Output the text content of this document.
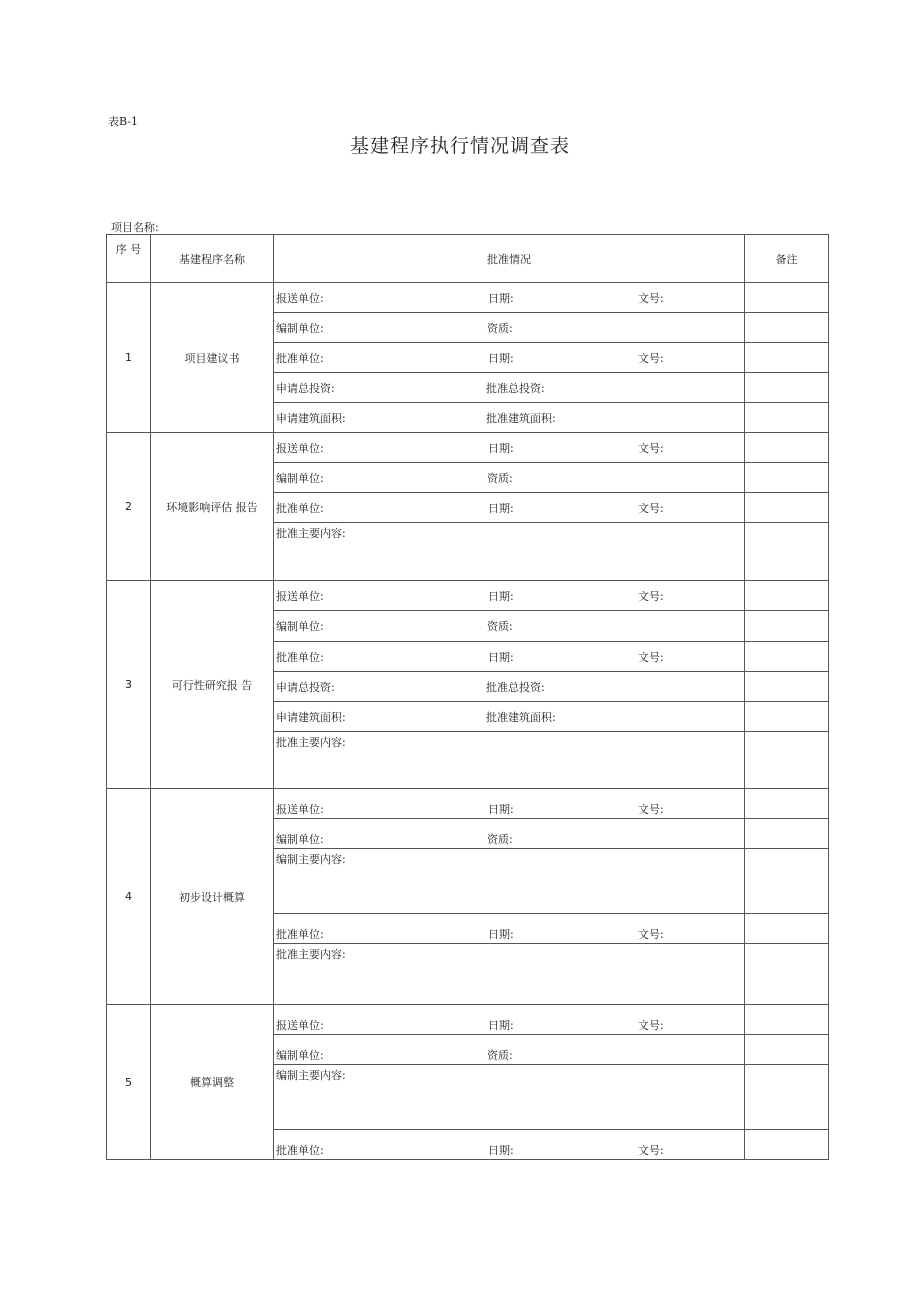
表B-1
基建程序执行情况调查表
项目名称:
序 号	基建程序名称	批准情况	备注
1	项目建议书	报送单位: 日期: 文号:	
		编制单位: 资质:	
		批准单位: 日期: 文号:	
		申请总投资: 批准总投资:	
		申请建筑面积: 批准建筑面积:	
2	环境影响评估 报告	报送单位: 日期: 文号:	
		编制单位: 资质:	
		批准单位: 日期: 文号:	
		批准主要内容:	
3	可行性研究报 告	报送单位: 日期: 文号:	
		编制单位: 资质:	
		批准单位: 日期: 文号:	
		申请总投资: 批准总投资:	
		申请建筑面积: 批准建筑面积:	
		批准主要内容:	
4	初步设计概算	报送单位: 日期: 文号:	
		编制单位: 资质:	
		编制主要内容:	
		批准单位: 日期: 文号:	
		批准主要内容:	
5	概算调整	报送单位: 日期: 文号:	
		编制单位: 资质:	
		编制主要内容:	
		批准单位: 日期: 文号:	
